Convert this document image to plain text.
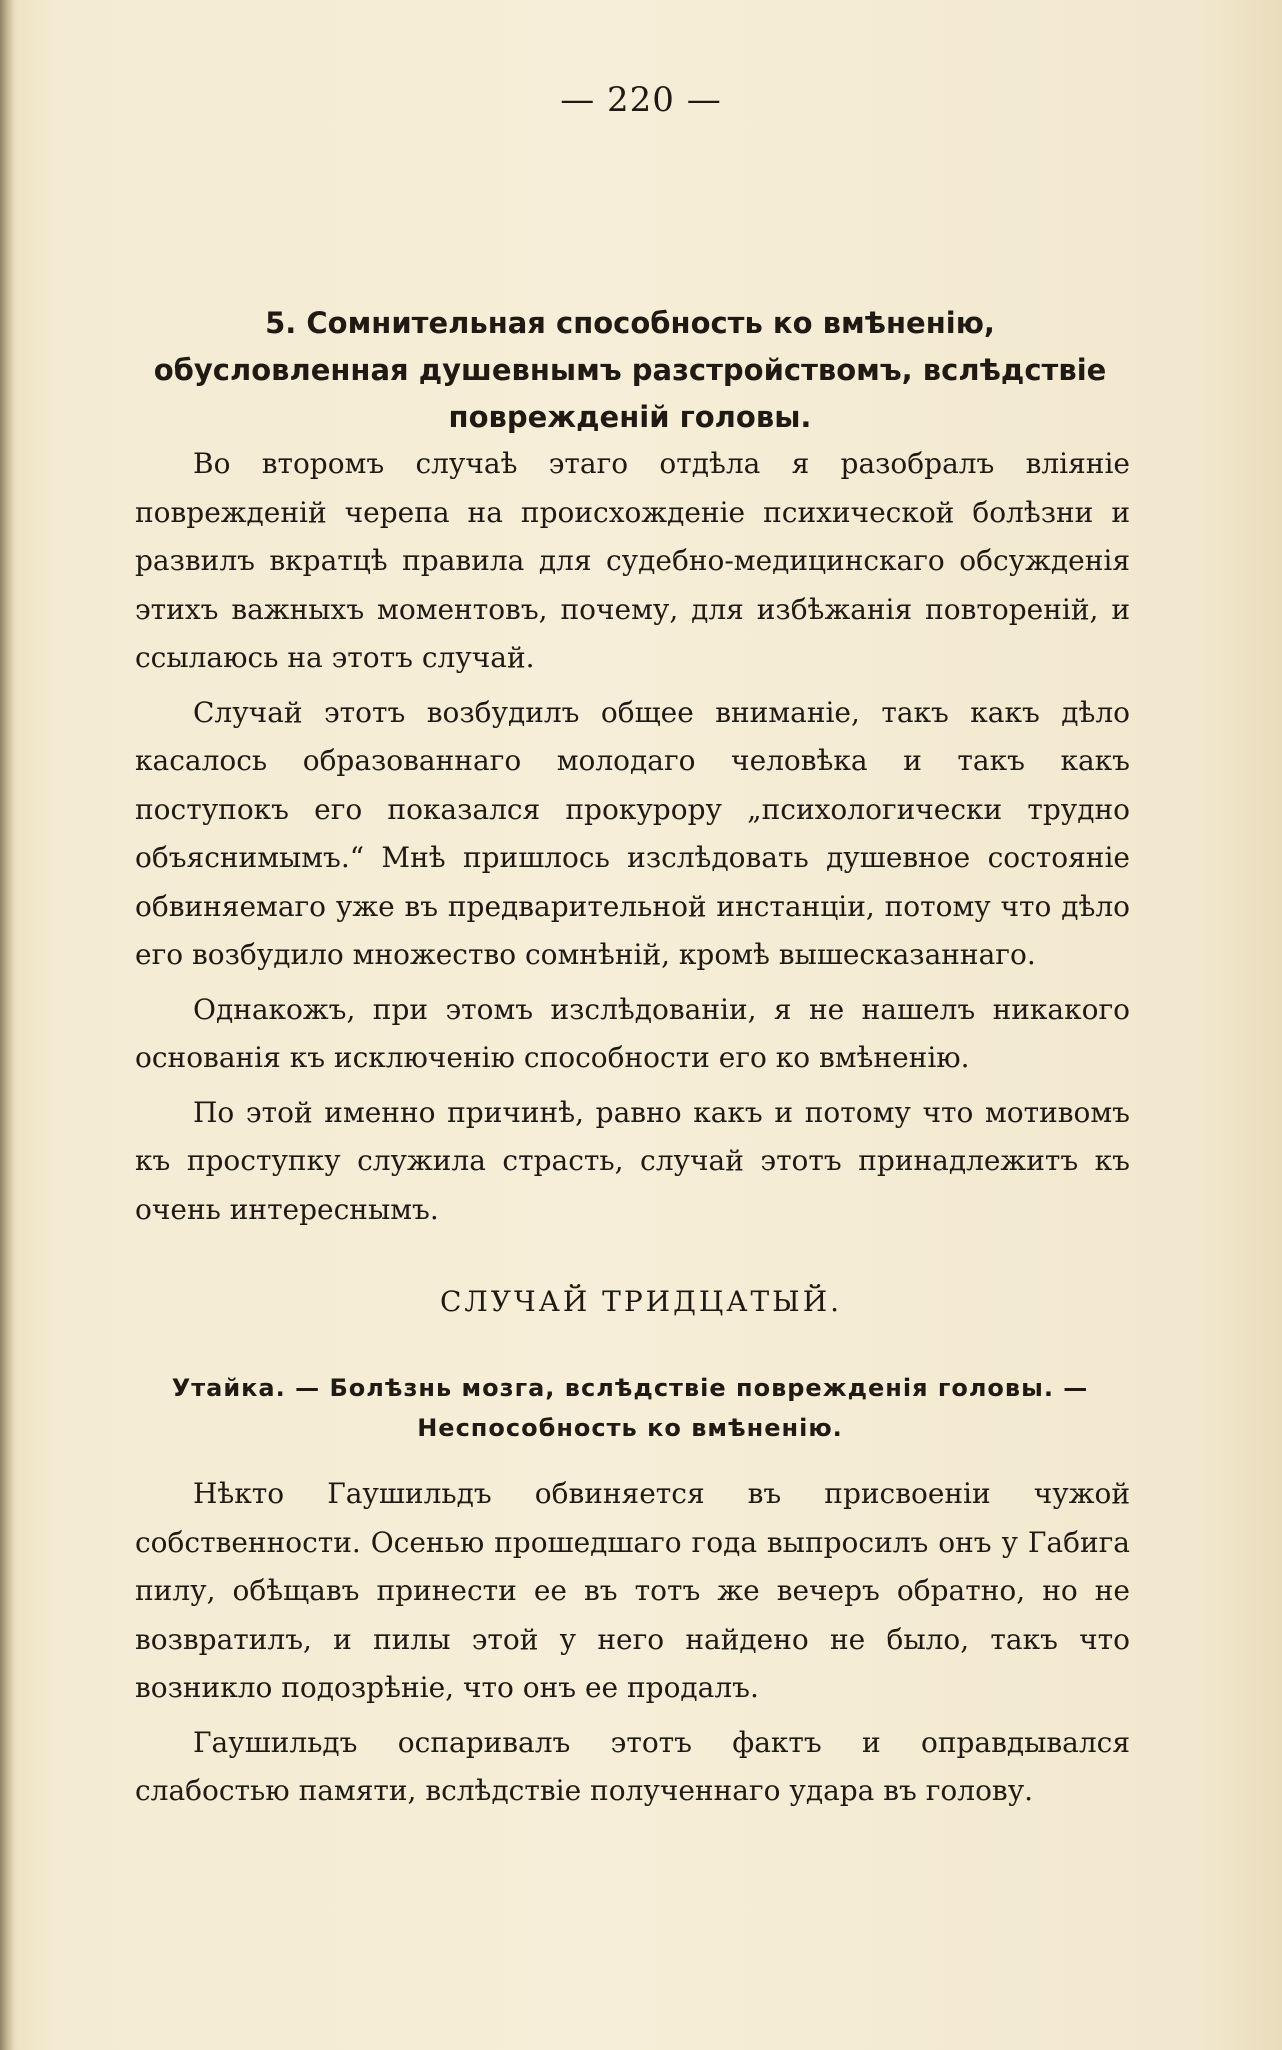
— 220 —
5. Сомнительная способность ко вмѣненію, обусловленная душевнымъ разстройствомъ, вслѣдствіе поврежденій головы.

Во второмъ случаѣ этаго отдѣла я разобралъ вліяніе поврежденій черепа на происхожденіе психической болѣзни и развилъ вкратцѣ правила для судебно-медицинскаго обсужденія этихъ важныхъ моментовъ, почему, для избѣжанія повтореній, и ссылаюсь на этотъ случай.

Случай этотъ возбудилъ общее вниманіе, такъ какъ дѣло касалось образованнаго молодаго человѣка и такъ какъ поступокъ его показался прокурору „психологически трудно объяснимымъ.“ Мнѣ пришлось изслѣдовать душевное состояніе обвиняемаго уже въ предварительной инстанціи, потому что дѣло его возбудило множество сомнѣній, кромѣ вышесказаннаго.

Однакожъ, при этомъ изслѣдованіи, я не нашелъ никакого основанія къ исключенію способности его ко вмѣненію.

По этой именно причинѣ, равно какъ и потому что мотивомъ къ проступку служила страсть, случай этотъ принадлежитъ къ очень интереснымъ.

СЛУЧАЙ ТРИДЦАТЫЙ.
Утайка. — Болѣзнь мозга, вслѣдствіе поврежденія головы. — Неспособность ко вмѣненію.

Нѣкто Гаушильдъ обвиняется въ присвоеніи чужой собственности. Осенью прошедшаго года выпросилъ онъ у Габига пилу, обѣщавъ принести ее въ тотъ же вечеръ обратно, но не возвратилъ, и пилы этой у него найдено не было, такъ что возникло подозрѣніе, что онъ ее продалъ.

Гаушильдъ оспаривалъ этотъ фактъ и оправдывался слабостью памяти, вслѣдствіе полученнаго удара въ голову.
